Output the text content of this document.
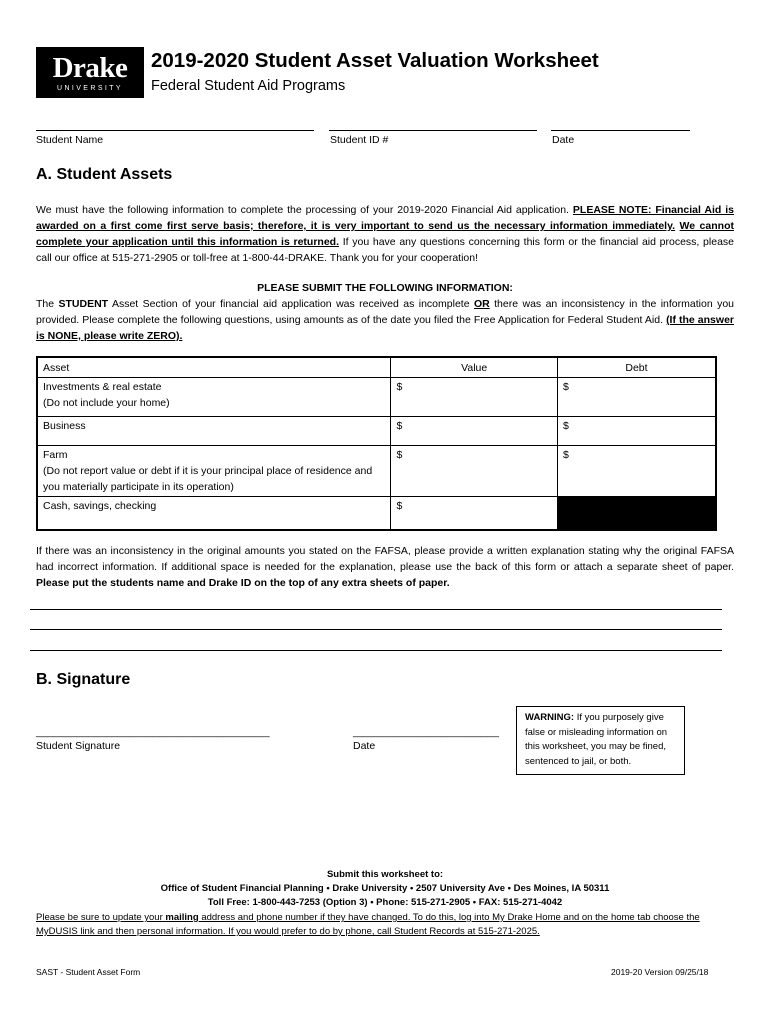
Drake
UNIVERSITY
2019-2020 Student Asset Valuation Worksheet
Federal Student Aid Programs
Student Name	Student ID #	Date
A. Student Assets
We must have the following information to complete the processing of your 2019-2020 Financial Aid application. PLEASE NOTE: Financial Aid is awarded on a first come first serve basis; therefore, it is very important to send us the necessary information immediately. We cannot complete your application until this information is returned. If you have any questions concerning this form or the financial aid process, please call our office at 515-271-2905 or toll-free at 1-800-44-DRAKE. Thank you for your cooperation!
PLEASE SUBMIT THE FOLLOWING INFORMATION:
The STUDENT Asset Section of your financial aid application was received as incomplete OR there was an inconsistency in the information you provided. Please complete the following questions, using amounts as of the date you filed the Free Application for Federal Student Aid. (If the answer is NONE, please write ZERO).
Asset	Value	Debt

Investments & real estate
(Do not include your home)	$	$
Business	$	$

Farm
(Do not report value or debt if it is your principal place of residence and you materially participate in its operation)	$	$
Cash, savings, checking	$	
If there was an inconsistency in the original amounts you stated on the FAFSA, please provide a written explanation stating why the original FAFSA had incorrect information. If additional space is needed for the explanation, please use the back of this form or attach a separate sheet of paper. Please put the students name and Drake ID on the top of any extra sheets of paper.
B. Signature
________________________________________
Student Signature
_________________________
Date
WARNING: If you purposely give false or misleading information on this worksheet, you may be fined, sentenced to jail, or both.
Submit this worksheet to:
Office of Student Financial Planning • Drake University • 2507 University Ave • Des Moines, IA 50311
Toll Free: 1-800-443-7253 (Option 3) • Phone: 515-271-2905 • FAX: 515-271-4042
Please be sure to update your mailing address and phone number if they have changed. To do this, log into My Drake Home and on the home tab choose the MyDUSIS link and then personal information. If you would prefer to do by phone, call Student Records at 515-271-2025.
SAST - Student Asset Form	2019-20 Version 09/25/18
